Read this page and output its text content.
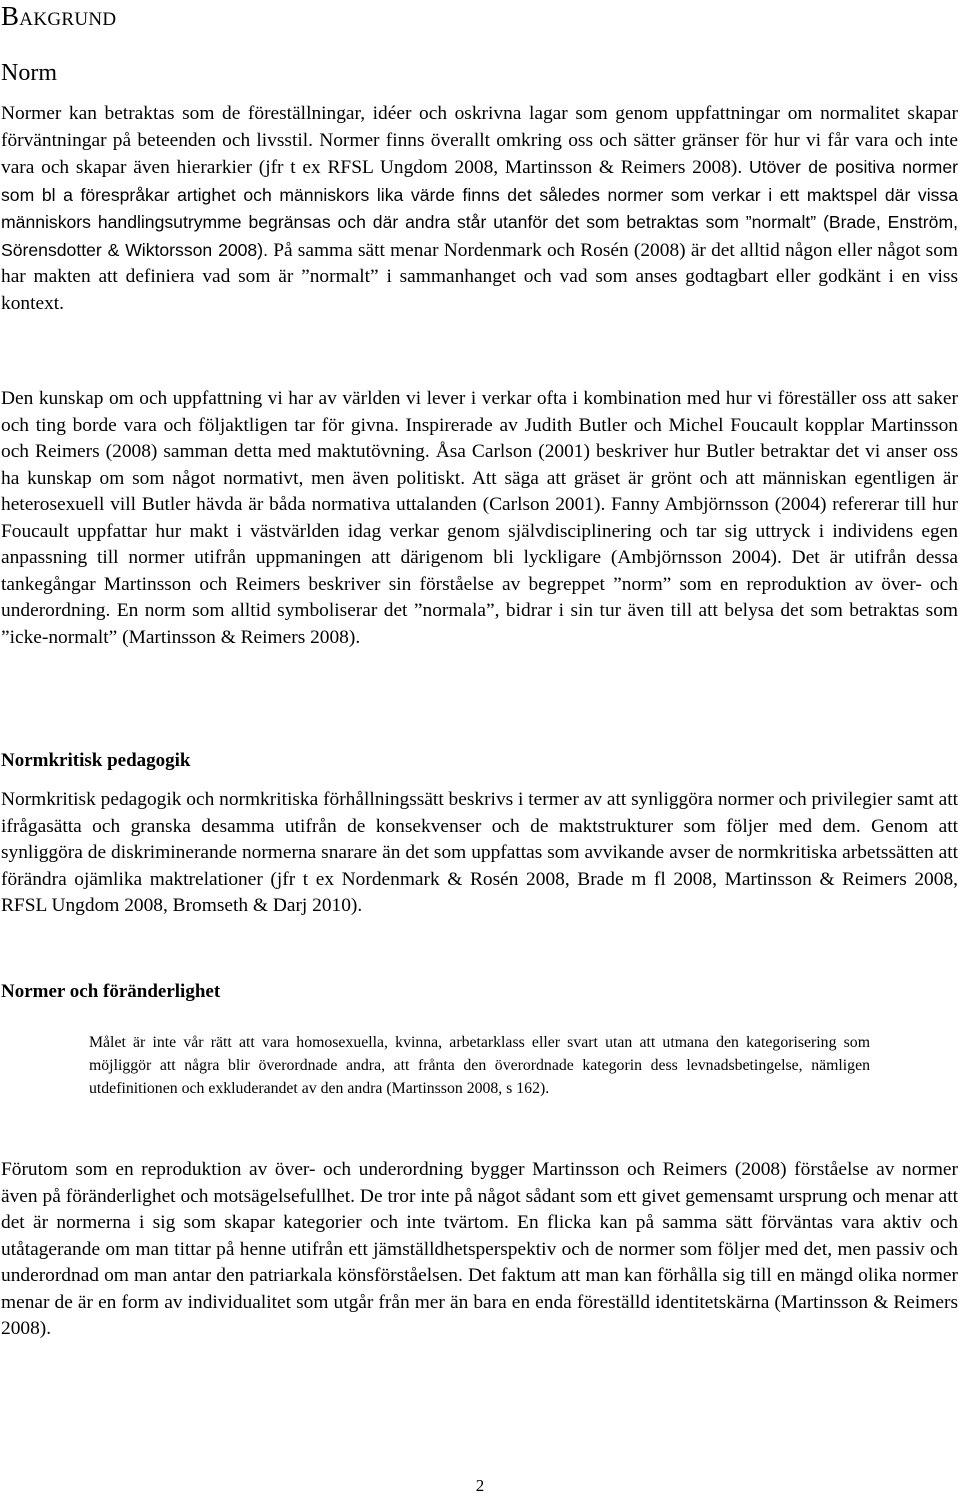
Bakgrund
Norm

Normer kan betraktas som de föreställningar, idéer och oskrivna lagar som genom uppfattningar om normalitet skapar förväntningar på beteenden och livsstil. Normer finns överallt omkring oss och sätter gränser för hur vi får vara och inte vara och skapar även hierarkier (jfr t ex RFSL Ungdom 2008, Martinsson & Reimers 2008). Utöver de positiva normer som bl a förespråkar artighet och människors lika värde finns det således normer som verkar i ett maktspel där vissa människors handlingsutrymme begränsas och där andra står utanför det som betraktas som ”normalt” (Brade, Enström, Sörensdotter & Wiktorsson 2008). På samma sätt menar Nordenmark och Rosén (2008) är det alltid någon eller något som har makten att definiera vad som är ”normalt” i sammanhanget och vad som anses godtagbart eller godkänt i en viss kontext.

Den kunskap om och uppfattning vi har av världen vi lever i verkar ofta i kombination med hur vi föreställer oss att saker och ting borde vara och följaktligen tar för givna. Inspirerade av Judith Butler och Michel Foucault kopplar Martinsson och Reimers (2008) samman detta med maktutövning. Åsa Carlson (2001) beskriver hur Butler betraktar det vi anser oss ha kunskap om som något normativt, men även politiskt. Att säga att gräset är grönt och att människan egentligen är heterosexuell vill Butler hävda är båda normativa uttalanden (Carlson 2001). Fanny Ambjörnsson (2004) refererar till hur Foucault uppfattar hur makt i västvärlden idag verkar genom självdisciplinering och tar sig uttryck i individens egen anpassning till normer utifrån uppmaningen att därigenom bli lyckligare (Ambjörnsson 2004). Det är utifrån dessa tankegångar Martinsson och Reimers beskriver sin förståelse av begreppet ”norm” som en reproduktion av över- och underordning. En norm som alltid symboliserar det ”normala”, bidrar i sin tur även till att belysa det som betraktas som ”icke-normalt” (Martinsson & Reimers 2008).

Normkritisk pedagogik

Normkritisk pedagogik och normkritiska förhållningssätt beskrivs i termer av att synliggöra normer och privilegier samt att ifrågasätta och granska desamma utifrån de konsekvenser och de maktstrukturer som följer med dem. Genom att synliggöra de diskriminerande normerna snarare än det som uppfattas som avvikande avser de normkritiska arbetssätten att förändra ojämlika maktrelationer (jfr t ex Nordenmark & Rosén 2008, Brade m fl 2008, Martinsson & Reimers 2008, RFSL Ungdom 2008, Bromseth & Darj 2010).

Normer och föränderlighet

Målet är inte vår rätt att vara homosexuella, kvinna, arbetarklass eller svart utan att utmana den kategorisering som möjliggör att några blir överordnade andra, att frånta den överordnade kategorin dess levnadsbetingelse, nämligen utdefinitionen och exkluderandet av den andra (Martinsson 2008, s 162).

Förutom som en reproduktion av över- och underordning bygger Martinsson och Reimers (2008) förståelse av normer även på föränderlighet och motsägelsefullhet. De tror inte på något sådant som ett givet gemensamt ursprung och menar att det är normerna i sig som skapar kategorier och inte tvärtom. En flicka kan på samma sätt förväntas vara aktiv och utåtagerande om man tittar på henne utifrån ett jämställdhetsperspektiv och de normer som följer med det, men passiv och underordnad om man antar den patriarkala könsförståelsen. Det faktum att man kan förhålla sig till en mängd olika normer menar de är en form av individualitet som utgår från mer än bara en enda föreställd identitetskärna (Martinsson & Reimers 2008).

2
